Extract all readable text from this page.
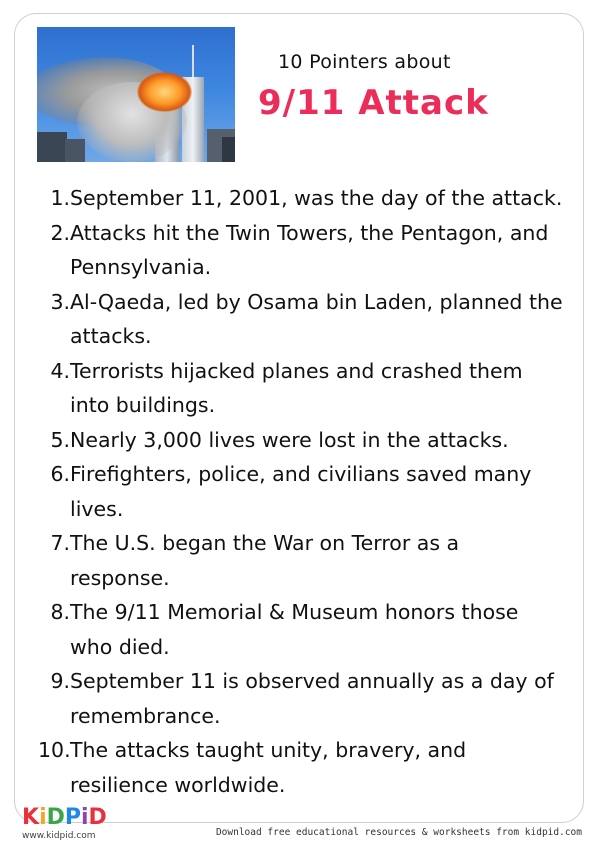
10 Pointers about
9/11 Attack
1. September 11, 2001, was the day of the attack.
2. Attacks hit the Twin Towers, the Pentagon, and Pennsylvania.
3. Al-Qaeda, led by Osama bin Laden, planned the attacks.
4. Terrorists hijacked planes and crashed them into buildings.
5. Nearly 3,000 lives were lost in the attacks.
6. Firefighters, police, and civilians saved many lives.
7. The U.S. began the War on Terror as a response.
8. The 9/11 Memorial & Museum honors those who died.
9. September 11 is observed annually as a day of remembrance.
10. The attacks taught unity, bravery, and resilience worldwide.
KiDPiD
www.kidpid.com	Download free educational resources & worksheets from kidpid.com
